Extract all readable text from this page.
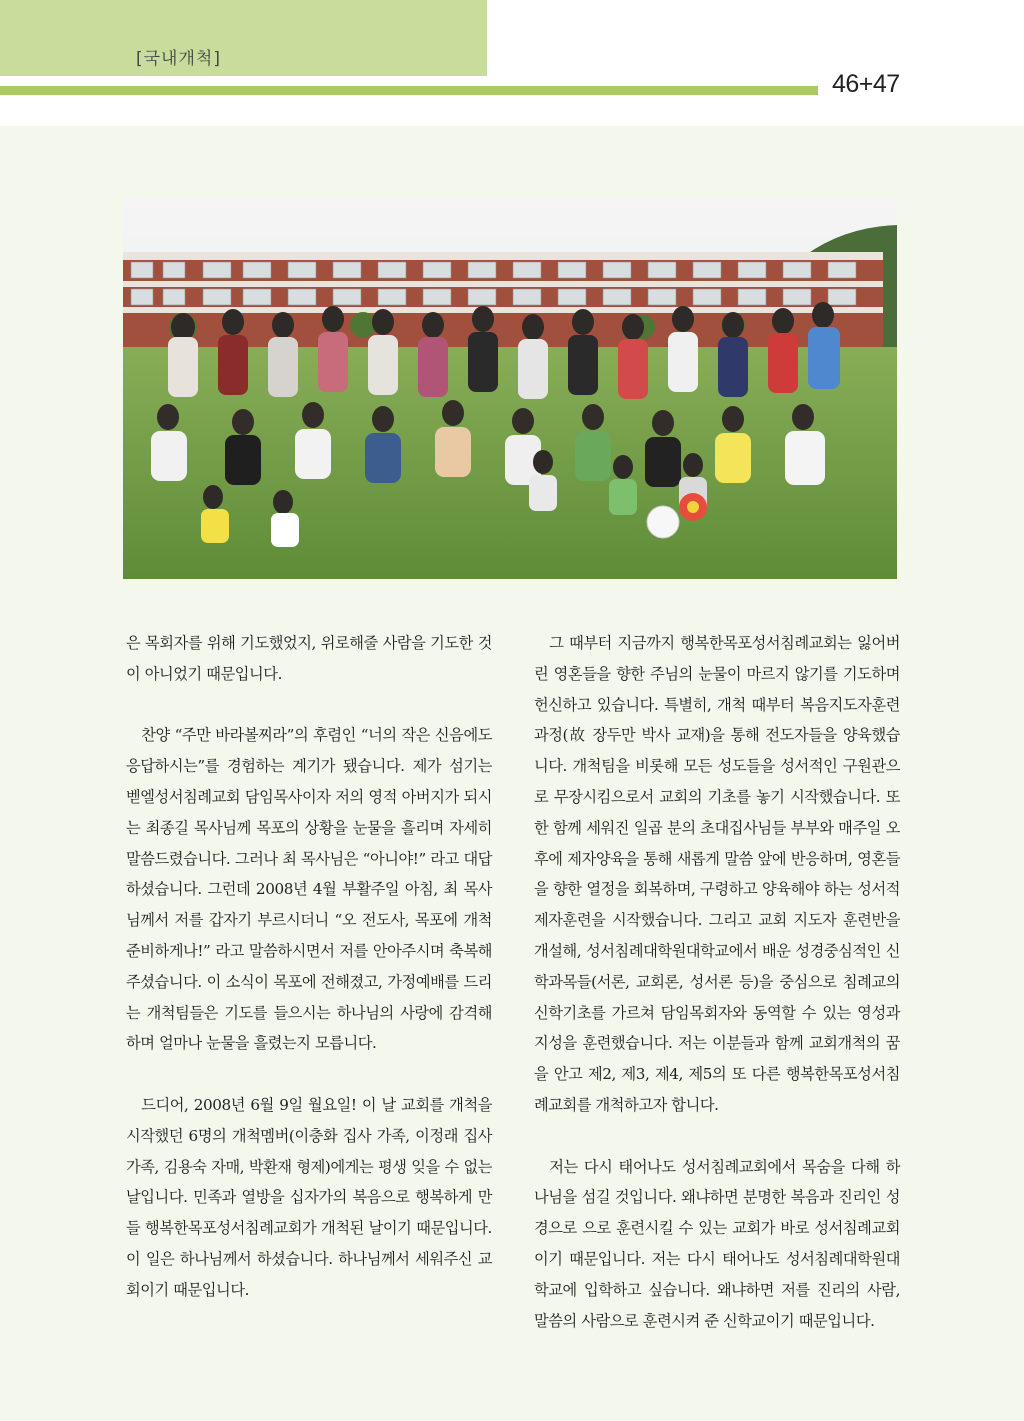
[국내개척]
46+47

은 목회자를 위해 기도했었지, 위로해줄 사람을 기도한 것이 아니었기 때문입니다.

찬양 “주만 바라볼찌라”의 후렴인 “너의 작은 신음에도 응답하시는”를 경험하는 계기가 됐습니다. 제가 섬기는 벧엘성서침례교회 담임목사이자 저의 영적 아버지가 되시는 최종길 목사님께 목포의 상황을 눈물을 흘리며 자세히 말씀드렸습니다. 그러나 최 목사님은 “아니야!” 라고 대답하셨습니다. 그런데 2008년 4월 부활주일 아침, 최 목사님께서 저를 갑자기 부르시더니 “오 전도사, 목포에 개척준비하게나!” 라고 말씀하시면서 저를 안아주시며 축복해 주셨습니다. 이 소식이 목포에 전해졌고, 가정예배를 드리는 개척팀들은 기도를 들으시는 하나님의 사랑에 감격해하며 얼마나 눈물을 흘렸는지 모릅니다.

드디어, 2008년 6월 9일 월요일! 이 날 교회를 개척을 시작했던 6명의 개척멤버(이충화 집사 가족, 이정래 집사 가족, 김용숙 자매, 박환재 형제)에게는 평생 잊을 수 없는 날입니다. 민족과 열방을 십자가의 복음으로 행복하게 만들 행복한목포성서침례교회가 개척된 날이기 때문입니다. 이 일은 하나님께서 하셨습니다. 하나님께서 세워주신 교회이기 때문입니다.

그 때부터 지금까지 행복한목포성서침례교회는 잃어버린 영혼들을 향한 주님의 눈물이 마르지 않기를 기도하며 헌신하고 있습니다. 특별히, 개척 때부터 복음지도자훈련 과정(故 장두만 박사 교재)을 통해 전도자들을 양육했습니다. 개척팀을 비롯해 모든 성도들을 성서적인 구원관으로 무장시킴으로서 교회의 기초를 놓기 시작했습니다. 또한 함께 세워진 일곱 분의 초대집사님들 부부와 매주일 오후에 제자양육을 통해 새롭게 말씀 앞에 반응하며, 영혼들을 향한 열정을 회복하며, 구령하고 양육해야 하는 성서적 제자훈련을 시작했습니다. 그리고 교회 지도자 훈련반을 개설해, 성서침례대학원대학교에서 배운 성경중심적인 신학과목들(서론, 교회론, 성서론 등)을 중심으로 침례교의 신학기초를 가르쳐 담임목회자와 동역할 수 있는 영성과 지성을 훈련했습니다. 저는 이분들과 함께 교회개척의 꿈을 안고 제2, 제3, 제4, 제5의 또 다른 행복한목포성서침례교회를 개척하고자 합니다.

저는 다시 태어나도 성서침례교회에서 목숨을 다해 하나님을 섬길 것입니다. 왜냐하면 분명한 복음과 진리인 성경으로 으로 훈련시킬 수 있는 교회가 바로 성서침례교회이기 때문입니다. 저는 다시 태어나도 성서침례대학원대학교에 입학하고 싶습니다. 왜냐하면 저를 진리의 사람, 말씀의 사람으로 훈련시켜 준 신학교이기 때문입니다.
